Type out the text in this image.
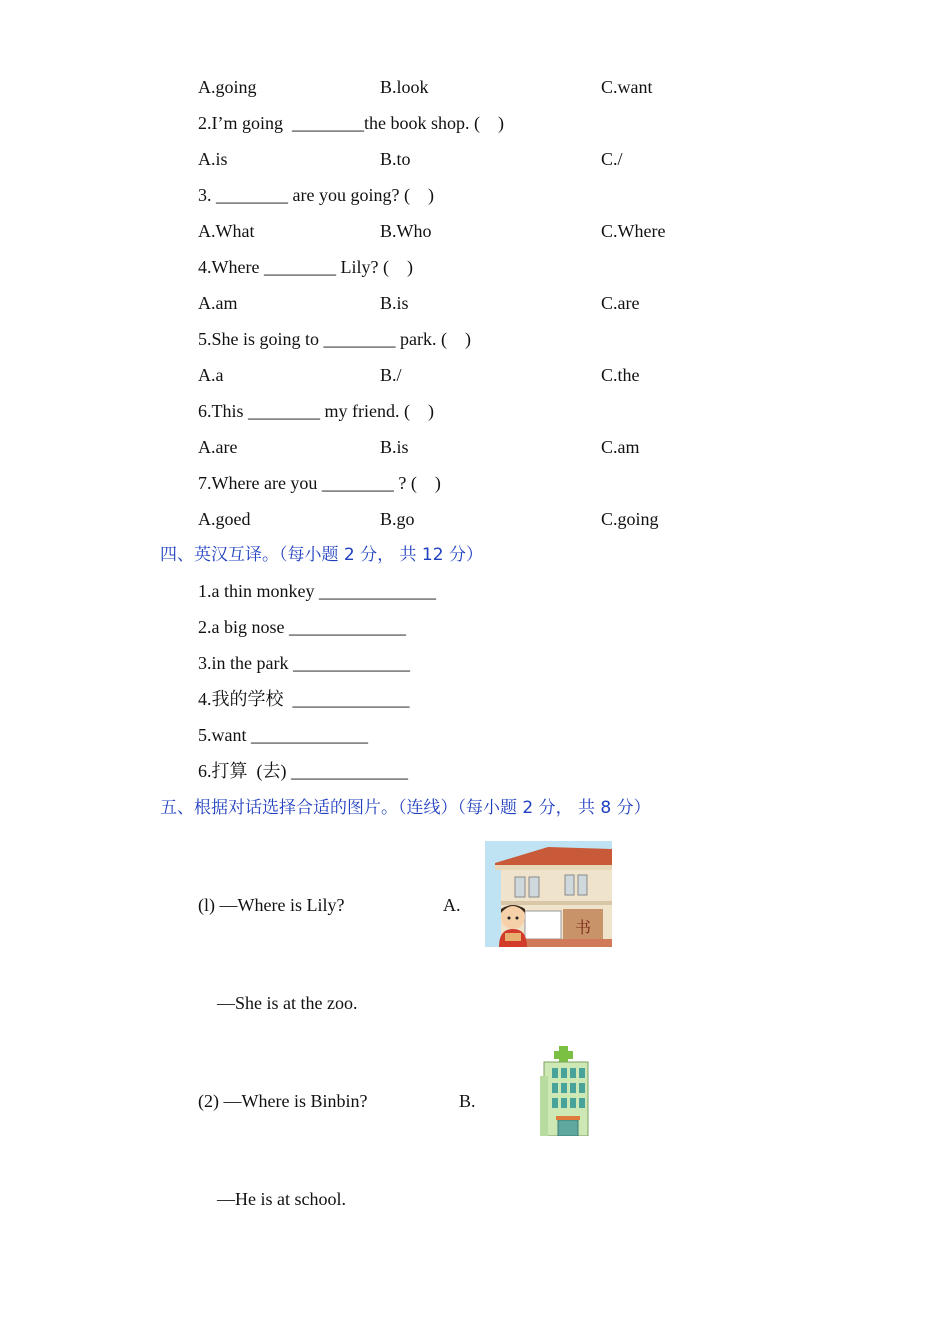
A.going	B.look	C.want
2.I’m going  ________the book shop. (    )
A.is	B.to	C./
3. ________ are you going? (    )
A.What	B.Who	C.Where
4.Where ________ Lily? (    )
A.am	B.is	C.are
5.She is going to ________ park. (    )
A.a	B./	C.the
6.This ________ my friend. (    )
A.are	B.is	C.am
7.Where are you ________ ? (    )
A.goed	B.go	C.going
四、英汉互译。（每小题 2 分， 共 12 分）
1.a thin monkey _____________
2.a big nose _____________
3.in the park _____________
4.我的学校  _____________
5.want _____________
6.打算  (去) _____________
五、根据对话选择合适的图片。（连线）（每小题 2 分， 共 8 分）
(l) —Where is Lily?	A.
书
—She is at the zoo.
(2) —Where is Binbin?	B.
—He is at school.
